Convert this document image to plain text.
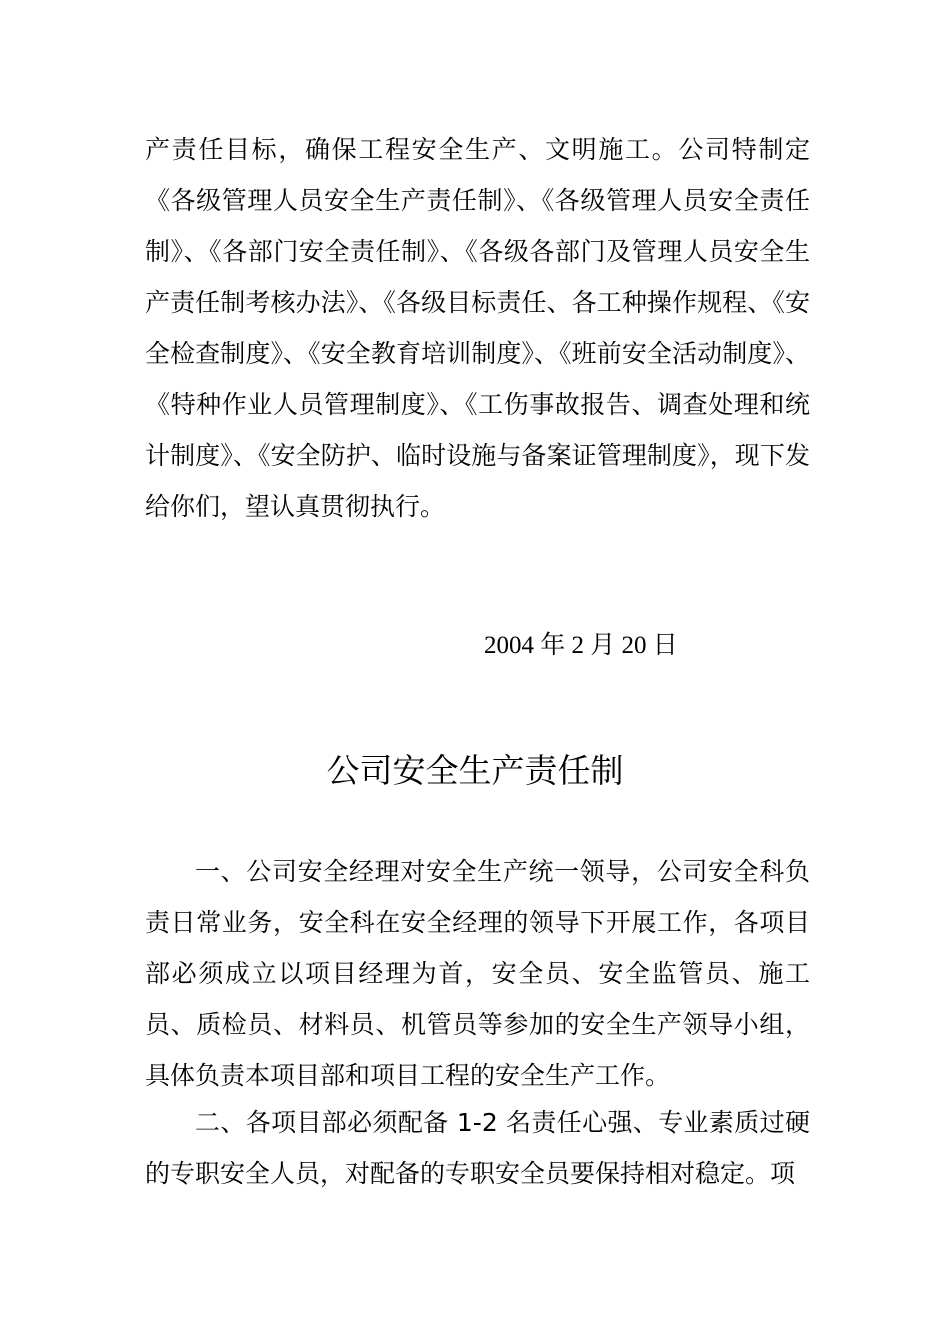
产责任目标，确保工程安全生产、文明施工。公司特制定《各级管理人员安全生产责任制》、《各级管理人员安全责任制》、《各部门安全责任制》、《各级各部门及管理人员安全生产责任制考核办法》、《各级目标责任、各工种操作规程、《安全检查制度》、《安全教育培训制度》、《班前安全活动制度》、《特种作业人员管理制度》、《工伤事故报告、调查处理和统计制度》、《安全防护、临时设施与备案证管理制度》，现下发给你们，望认真贯彻执行。

2004 年 2 月 20 日

公司安全生产责任制

一、公司安全经理对安全生产统一领导，公司安全科负责日常业务，安全科在安全经理的领导下开展工作，各项目部必须成立以项目经理为首，安全员、安全监管员、施工员、质检员、材料员、机管员等参加的安全生产领导小组，具体负责本项目部和项目工程的安全生产工作。

二、各项目部必须配备 1-2 名责任心强、专业素质过硬的专职安全人员，对配备的专职安全员要保持相对稳定。项
